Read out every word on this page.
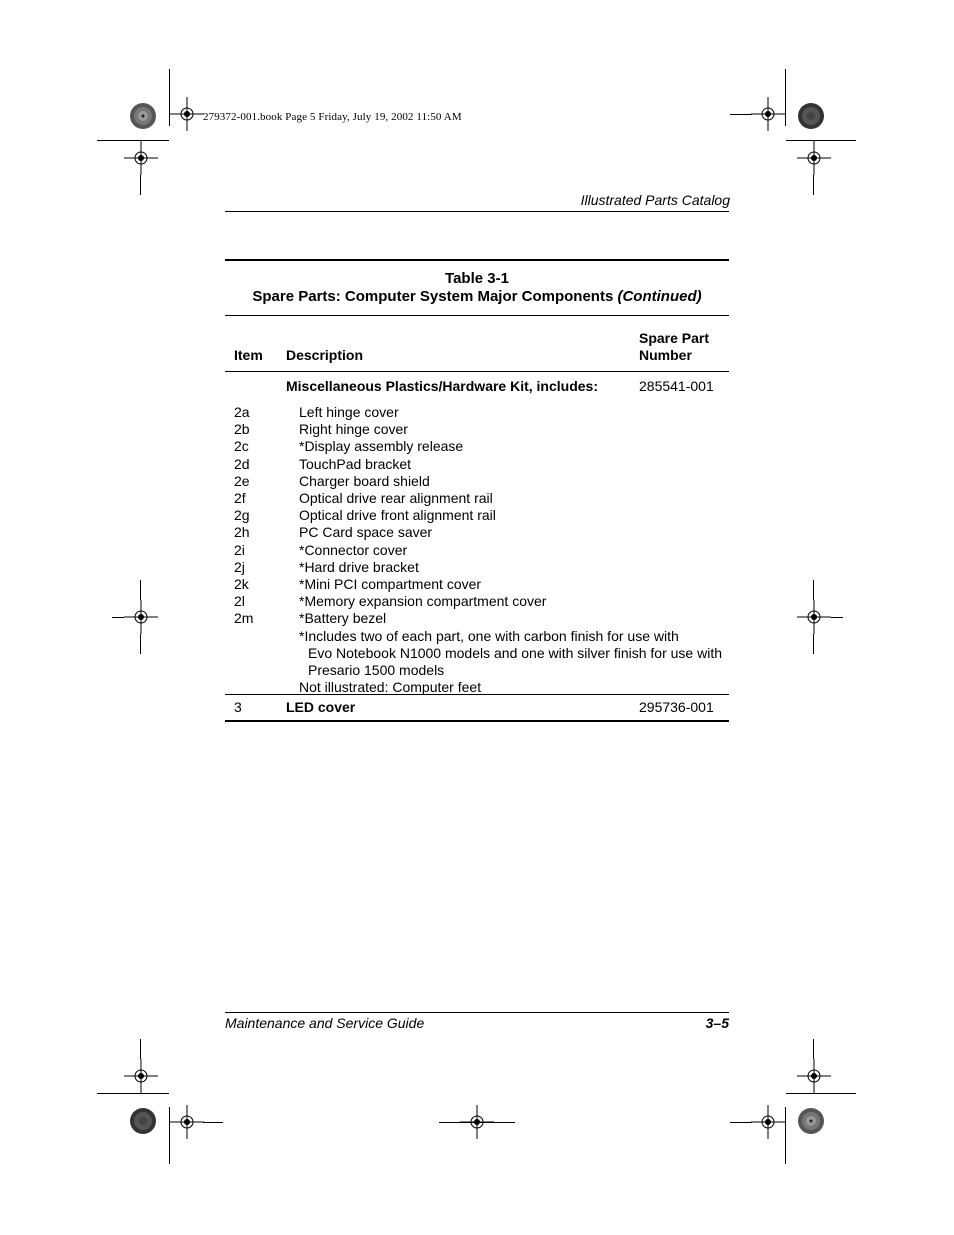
279372-001.book Page 5 Friday, July 19, 2002 11:50 AM
Illustrated Parts Catalog
Table 3-1
Spare Parts: Computer System Major Components (Continued)
Item Description
Spare Part
Number
Miscellaneous Plastics/Hardware Kit, includes:	285541-001
2a	Left hinge cover
2b	Right hinge cover
2c	*Display assembly release
2d	TouchPad bracket
2e	Charger board shield
2f	Optical drive rear alignment rail
2g	Optical drive front alignment rail
2h	PC Card space saver
2i	*Connector cover
2j	*Hard drive bracket
2k	*Mini PCI compartment cover
2l	*Memory expansion compartment cover
2m	*Battery bezel
*Includes two of each part, one with carbon finish for use with
Evo Notebook N1000 models and one with silver finish for use with
Presario 1500 models
Not illustrated: Computer feet
3	LED cover	295736-001
Maintenance and Service Guide	3–5
